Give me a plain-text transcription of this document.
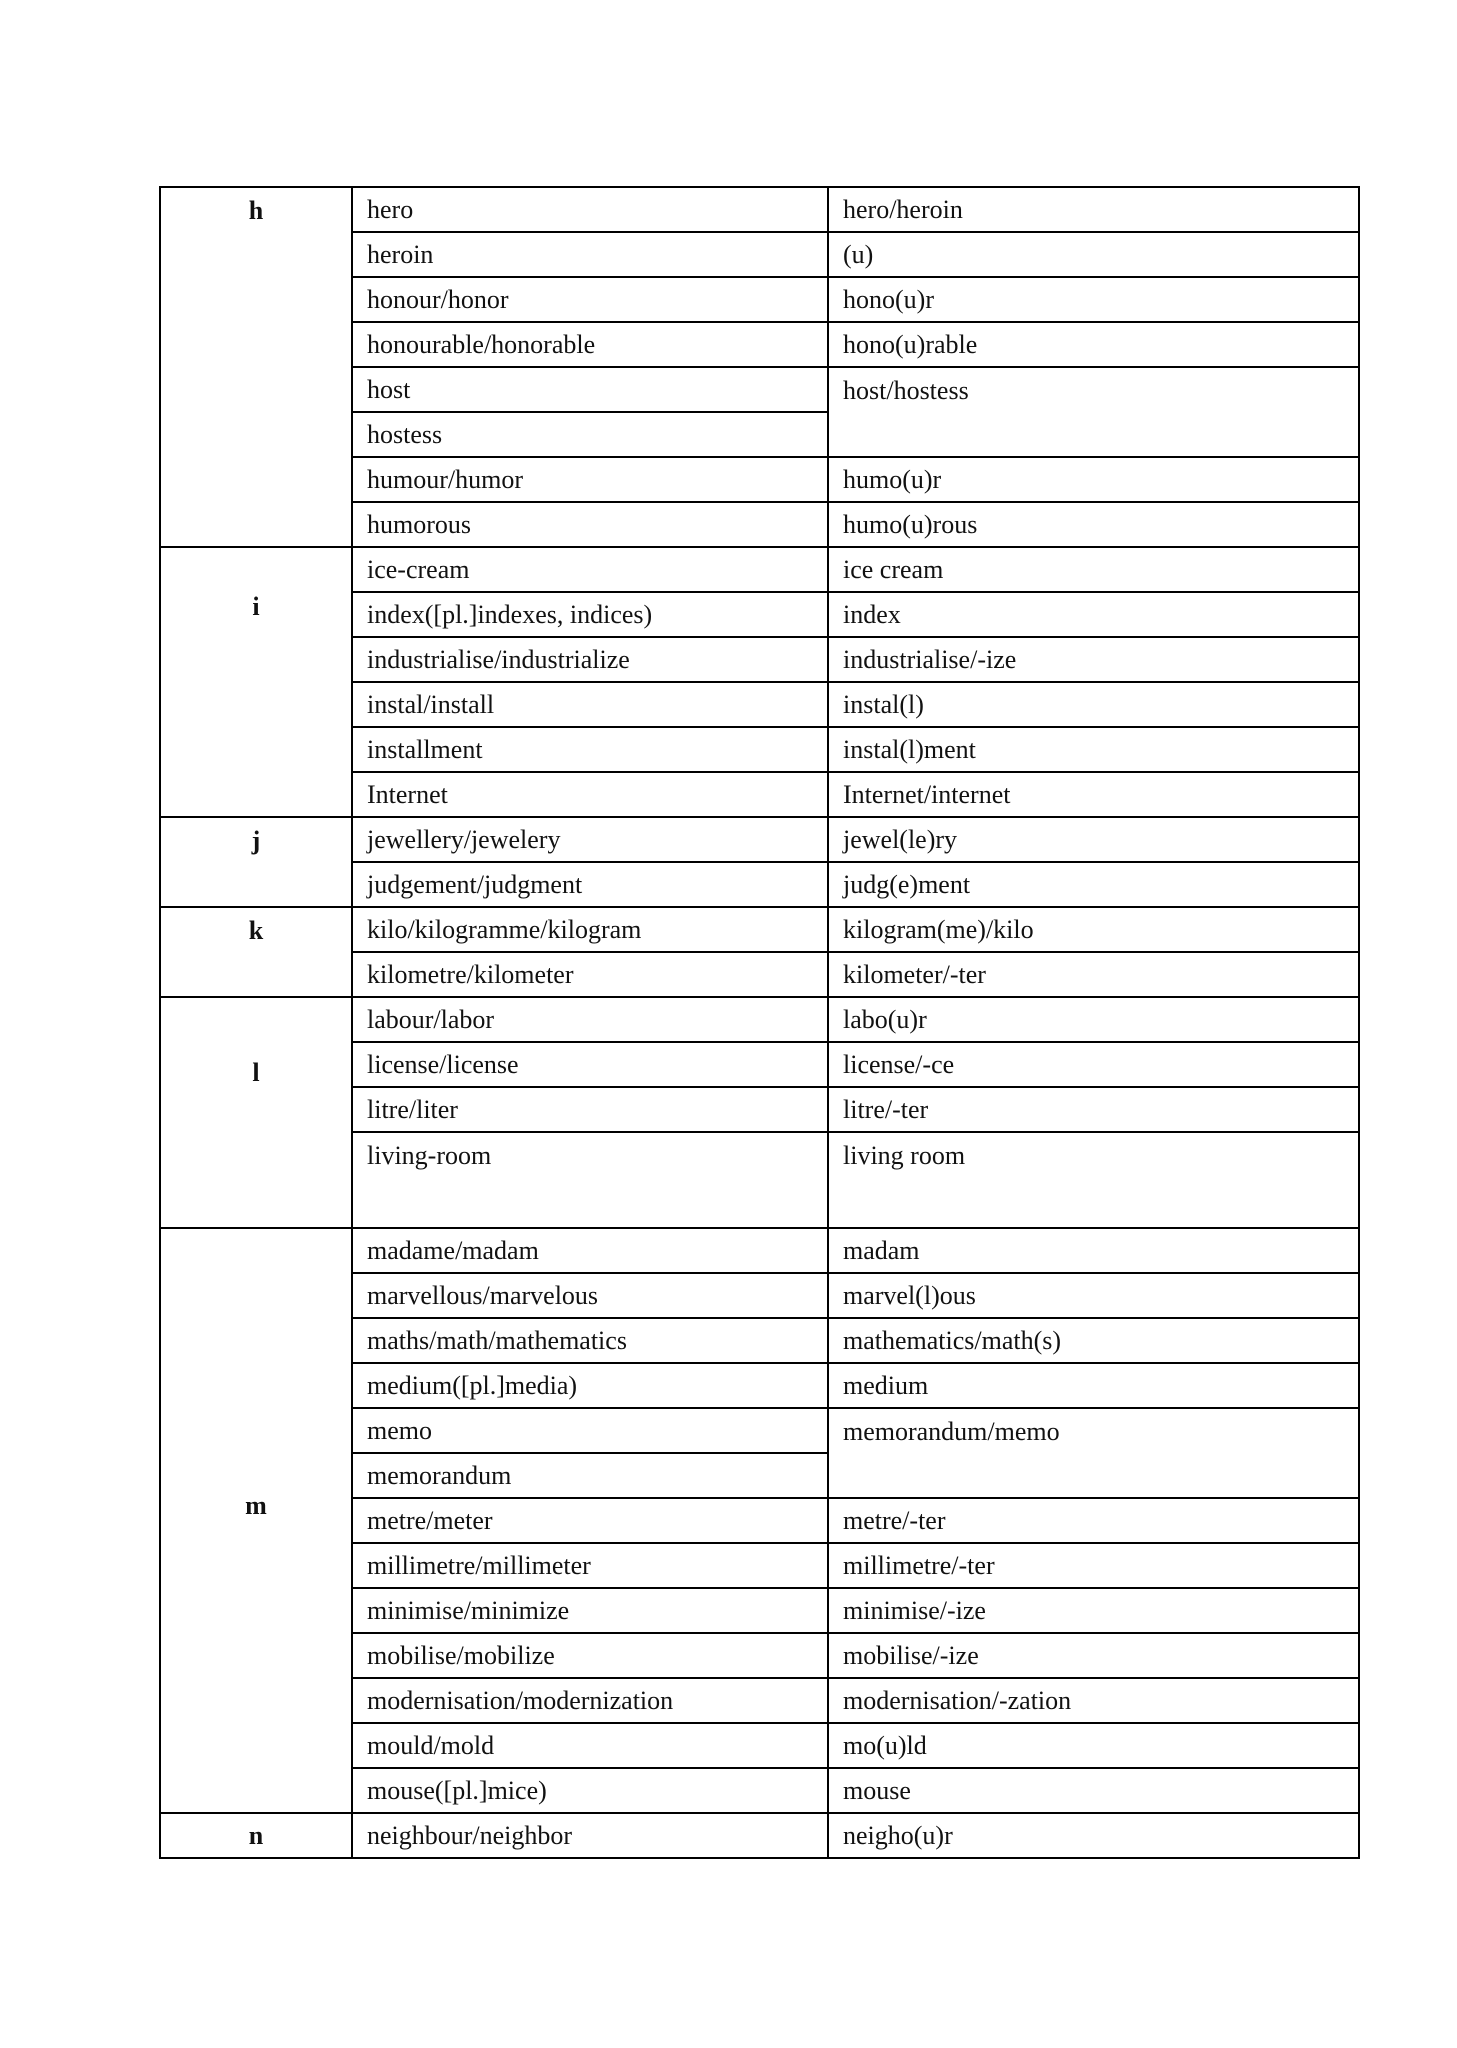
h	hero	hero/heroin
	heroin	(u)
	honour/honor	hono(u)r
	honourable/honorable	hono(u)rable
	host	host/hostess
	hostess	
	humour/humor	humo(u)r
	humorous	humo(u)rous
i	ice-cream	ice cream
	index([pl.]indexes, indices)	index
	industrialise/industrialize	industrialise/-ize
	instal/install	instal(l)
	installment	instal(l)ment
	Internet	Internet/internet
j	jewellery/jewelery	jewel(le)ry
	judgement/judgment	judg(e)ment
k	kilo/kilogramme/kilogram	kilogram(me)/kilo
	kilometre/kilometer	kilometer/-ter
l	labour/labor	labo(u)r
	license/license	license/-ce
	litre/liter	litre/-ter
	living-room	living room
m	madame/madam	madam
	marvellous/marvelous	marvel(l)ous
	maths/math/mathematics	mathematics/math(s)
	medium([pl.]media)	medium
	memo	memorandum/memo
	memorandum	
	metre/meter	metre/-ter
	millimetre/millimeter	millimetre/-ter
	minimise/minimize	minimise/-ize
	mobilise/mobilize	mobilise/-ize
	modernisation/modernization	modernisation/-zation
	mould/mold	mo(u)ld
	mouse([pl.]mice)	mouse
n	neighbour/neighbor	neigho(u)r
